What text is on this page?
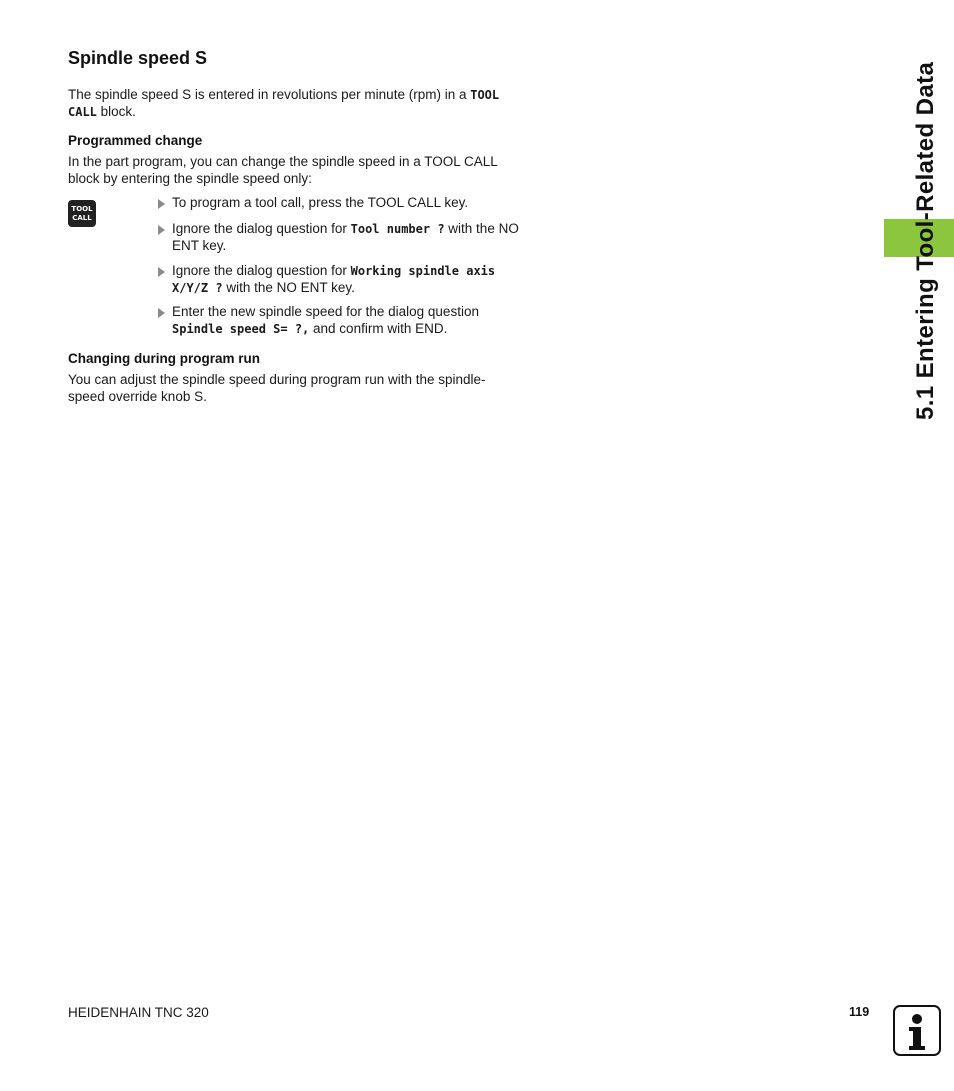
Spindle speed S

The spindle speed S is entered in revolutions per minute (rpm) in a TOOL CALL block.

Programmed change

In the part program, you can change the spindle speed in a TOOL CALL block by entering the spindle speed only:

TOOL
CALL

To program a tool call, press the TOOL CALL key.

Ignore the dialog question for Tool number ? with the NO ENT key.

Ignore the dialog question for Working spindle axis X/Y/Z ? with the NO ENT key.

Enter the new spindle speed for the dialog question Spindle speed S= ?, and confirm with END.

Changing during program run

You can adjust the spindle speed during program run with the spindle-speed override knob S.	5.1 Entering Tool-Related Data

HEIDENHAIN TNC 320	119
